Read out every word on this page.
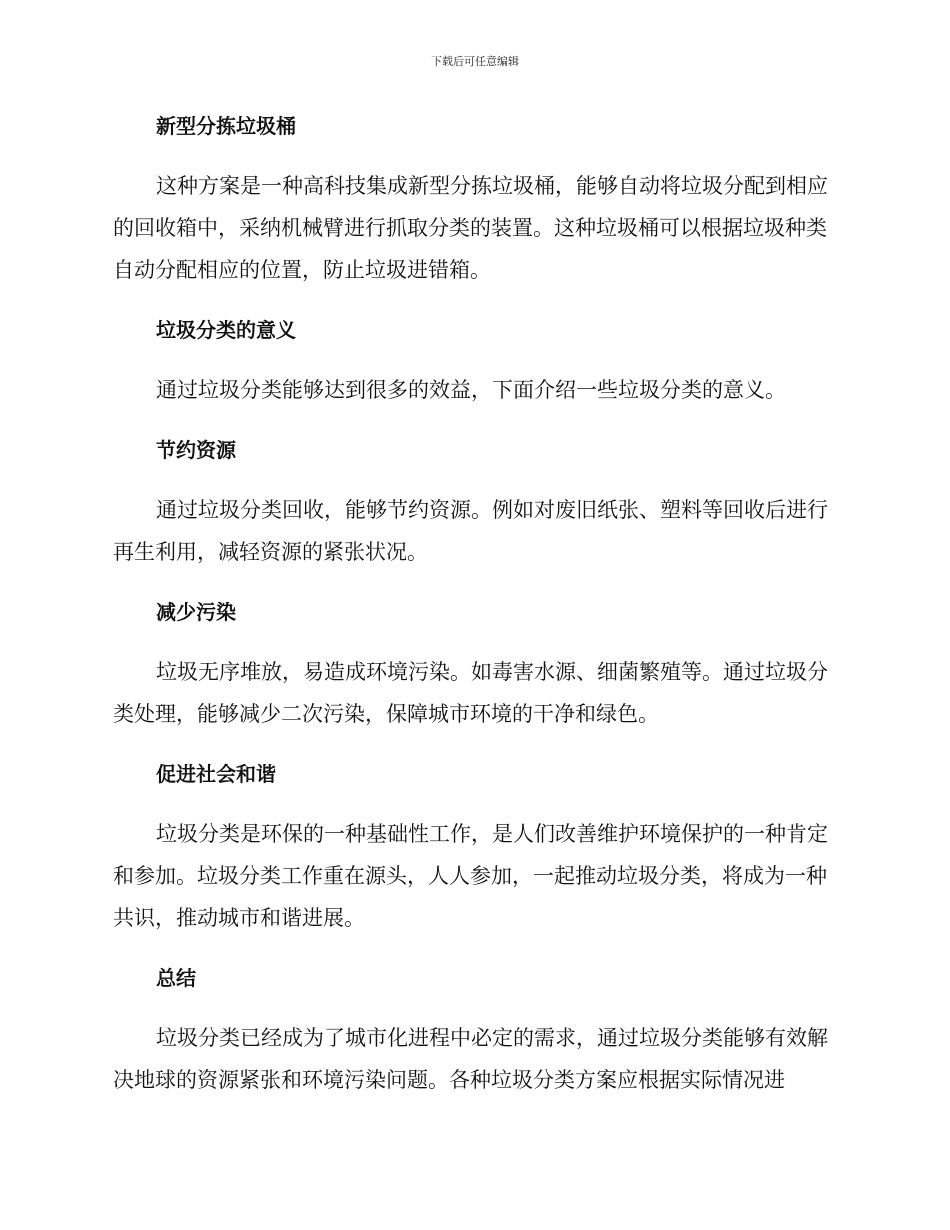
下载后可任意编辑
新型分拣垃圾桶

这种方案是一种高科技集成新型分拣垃圾桶，能够自动将垃圾分配到相应的回收箱中，采纳机械臂进行抓取分类的装置。这种垃圾桶可以根据垃圾种类自动分配相应的位置，防止垃圾进错箱。

垃圾分类的意义

通过垃圾分类能够达到很多的效益，下面介绍一些垃圾分类的意义。

节约资源

通过垃圾分类回收，能够节约资源。例如对废旧纸张、塑料等回收后进行再生利用，减轻资源的紧张状况。

减少污染

垃圾无序堆放，易造成环境污染。如毒害水源、细菌繁殖等。通过垃圾分类处理，能够减少二次污染，保障城市环境的干净和绿色。

促进社会和谐

垃圾分类是环保的一种基础性工作，是人们改善维护环境保护的一种肯定和参加。垃圾分类工作重在源头，人人参加，一起推动垃圾分类，将成为一种共识，推动城市和谐进展。

总结

垃圾分类已经成为了城市化进程中必定的需求，通过垃圾分类能够有效解决地球的资源紧张和环境污染问题。各种垃圾分类方案应根据实际情况进
